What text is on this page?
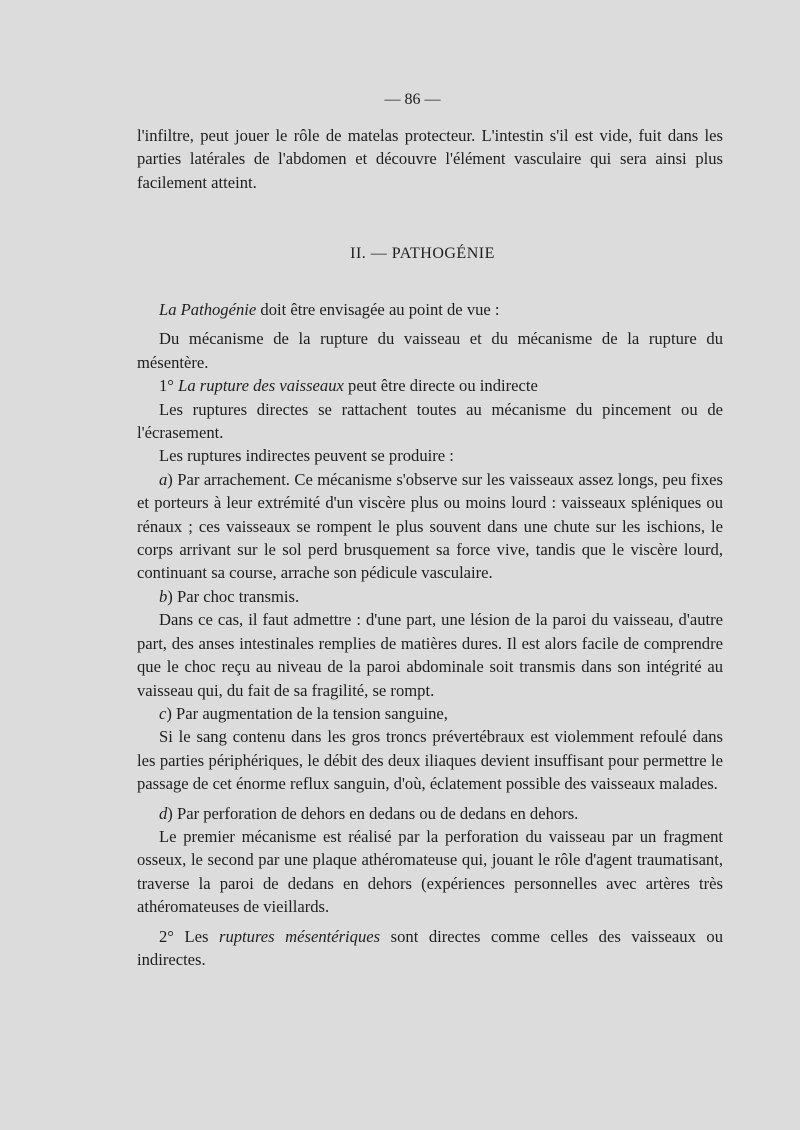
— 86 —

l'infiltre, peut jouer le rôle de matelas protecteur. L'intestin s'il est vide, fuit dans les parties latérales de l'abdomen et découvre l'élément vasculaire qui sera ainsi plus facilement atteint.

II. — PATHOGÉNIE

La Pathogénie doit être envisagée au point de vue :

Du mécanisme de la rupture du vaisseau et du mécanisme de la rupture du mésentère.

1° La rupture des vaisseaux peut être directe ou indirecte

Les ruptures directes se rattachent toutes au mécanisme du pincement ou de l'écrasement.

Les ruptures indirectes peuvent se produire :

a) Par arrachement. Ce mécanisme s'observe sur les vaisseaux assez longs, peu fixes et porteurs à leur extrémité d'un viscère plus ou moins lourd : vaisseaux spléniques ou rénaux ; ces vaisseaux se rompent le plus souvent dans une chute sur les ischions, le corps arrivant sur le sol perd brusquement sa force vive, tandis que le viscère lourd, continuant sa course, arrache son pédicule vasculaire.

b) Par choc transmis.

Dans ce cas, il faut admettre : d'une part, une lésion de la paroi du vaisseau, d'autre part, des anses intestinales remplies de matières dures. Il est alors facile de comprendre que le choc reçu au niveau de la paroi abdominale soit transmis dans son intégrité au vaisseau qui, du fait de sa fragilité, se rompt.

c) Par augmentation de la tension sanguine,

Si le sang contenu dans les gros troncs prévertébraux est violemment refoulé dans les parties périphériques, le débit des deux iliaques devient insuffisant pour permettre le passage de cet énorme reflux sanguin, d'où, éclatement possible des vaisseaux malades.

d) Par perforation de dehors en dedans ou de dedans en dehors.

Le premier mécanisme est réalisé par la perforation du vaisseau par un fragment osseux, le second par une plaque athéromateuse qui, jouant le rôle d'agent traumatisant, traverse la paroi de dedans en dehors (expériences personnelles avec artères très athéromateuses de vieillards.

2° Les ruptures mésentériques sont directes comme celles des vaisseaux ou indirectes.
